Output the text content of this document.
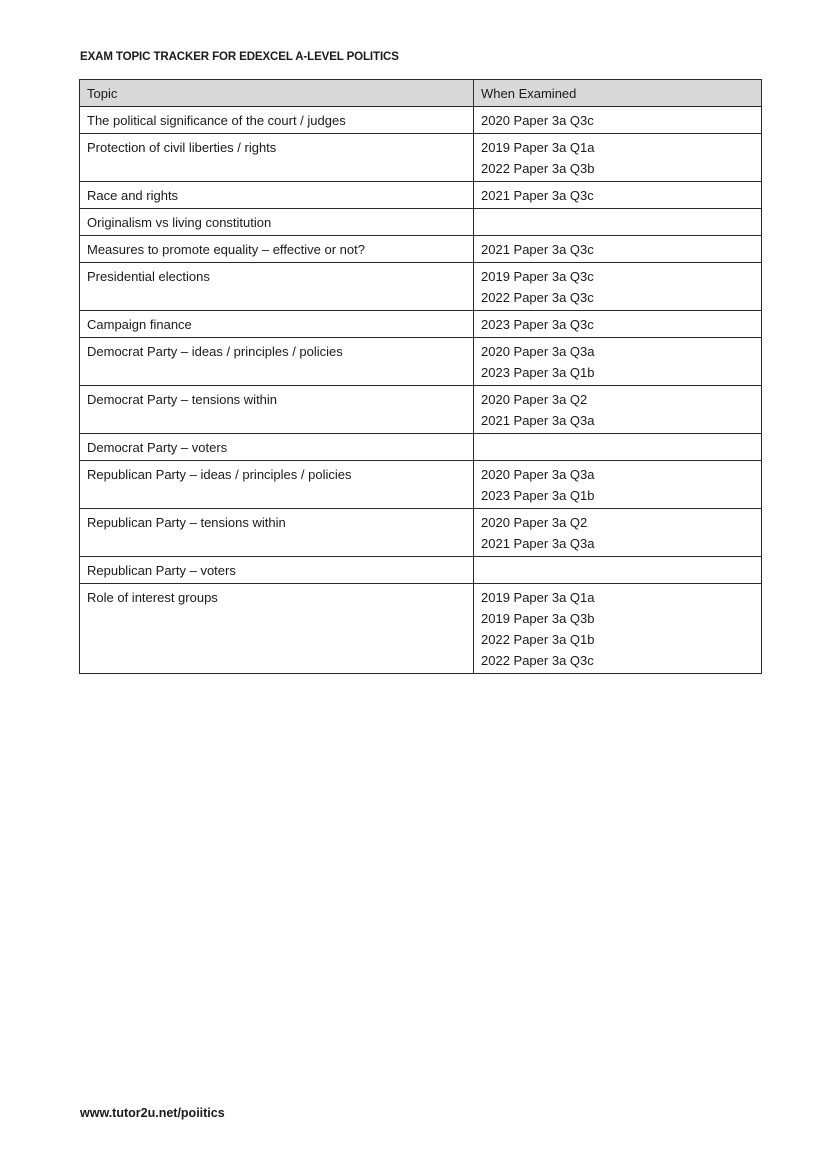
EXAM TOPIC TRACKER FOR EDEXCEL A-LEVEL POLITICS
Topic	When Examined
The political significance of the court / judges	2020 Paper 3a Q3c

Protection of civil liberties / rights	2019 Paper 3a Q1a
2022 Paper 3a Q3b

Race and rights	2021 Paper 3a Q3c

Originalism vs living constitution	
Measures to promote equality – effective or not?	2021 Paper 3a Q3c

Presidential elections	2019 Paper 3a Q3c
2022 Paper 3a Q3c

Campaign finance	2023 Paper 3a Q3c

Democrat Party – ideas / principles / policies	2020 Paper 3a Q3a
2023 Paper 3a Q1b

Democrat Party – tensions within	2020 Paper 3a Q2
2021 Paper 3a Q3a

Democrat Party – voters	
Republican Party – ideas / principles / policies	2020 Paper 3a Q3a
2023 Paper 3a Q1b

Republican Party – tensions within	2020 Paper 3a Q2
2021 Paper 3a Q3a

Republican Party – voters	
Role of interest groups	2019 Paper 3a Q1a
2019 Paper 3a Q3b
2022 Paper 3a Q1b
2022 Paper 3a Q3c
www.tutor2u.net/poiitics
